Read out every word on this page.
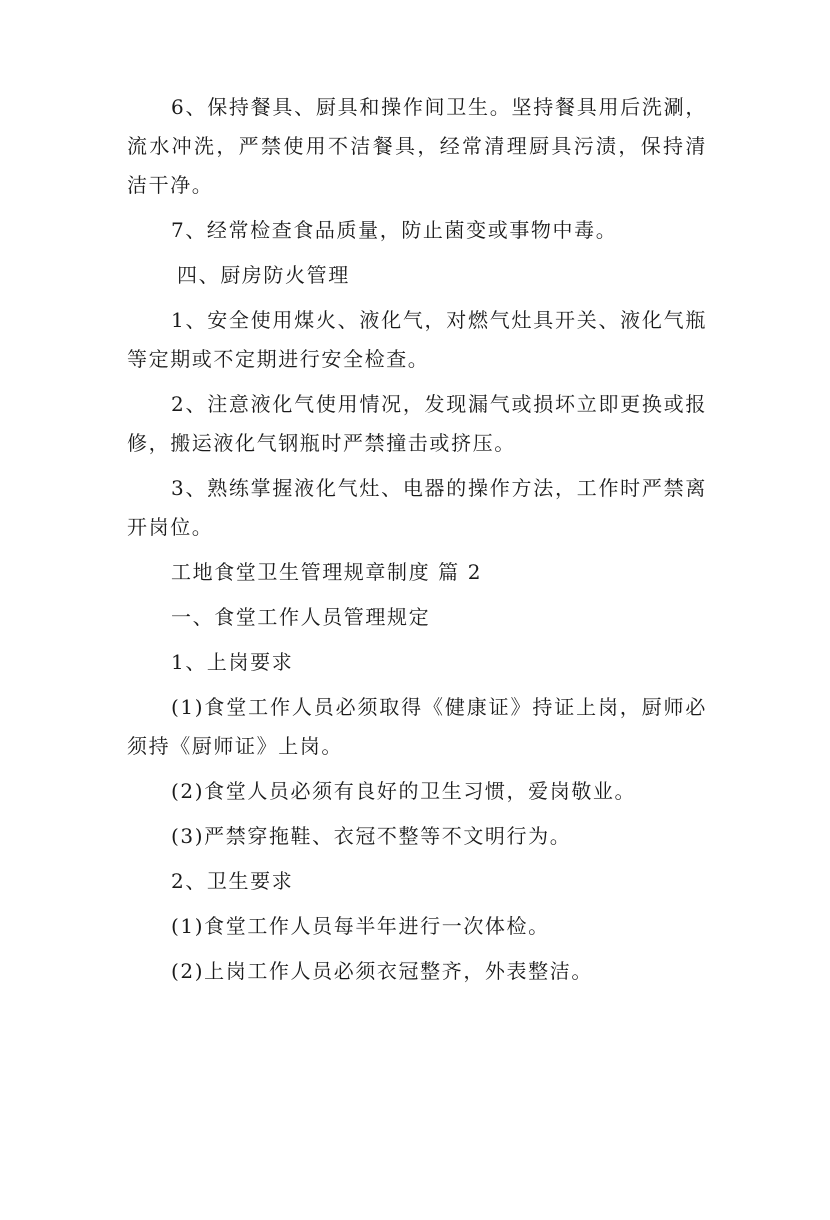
6、保持餐具、厨具和操作间卫生。坚持餐具用后洗涮，流水冲洗，严禁使用不洁餐具，经常清理厨具污渍，保持清洁干净。

7、经常检查食品质量，防止菌变或事物中毒。

四、厨房防火管理

1、安全使用煤火、液化气，对燃气灶具开关、液化气瓶等定期或不定期进行安全检查。

2、注意液化气使用情况，发现漏气或损坏立即更换或报修，搬运液化气钢瓶时严禁撞击或挤压。

3、熟练掌握液化气灶、电器的操作方法，工作时严禁离开岗位。

工地食堂卫生管理规章制度 篇 2

一、食堂工作人员管理规定

1、上岗要求

(1)食堂工作人员必须取得《健康证》持证上岗，厨师必须持《厨师证》上岗。

(2)食堂人员必须有良好的卫生习惯，爱岗敬业。

(3)严禁穿拖鞋、衣冠不整等不文明行为。

2、卫生要求

(1)食堂工作人员每半年进行一次体检。

(2)上岗工作人员必须衣冠整齐，外表整洁。
